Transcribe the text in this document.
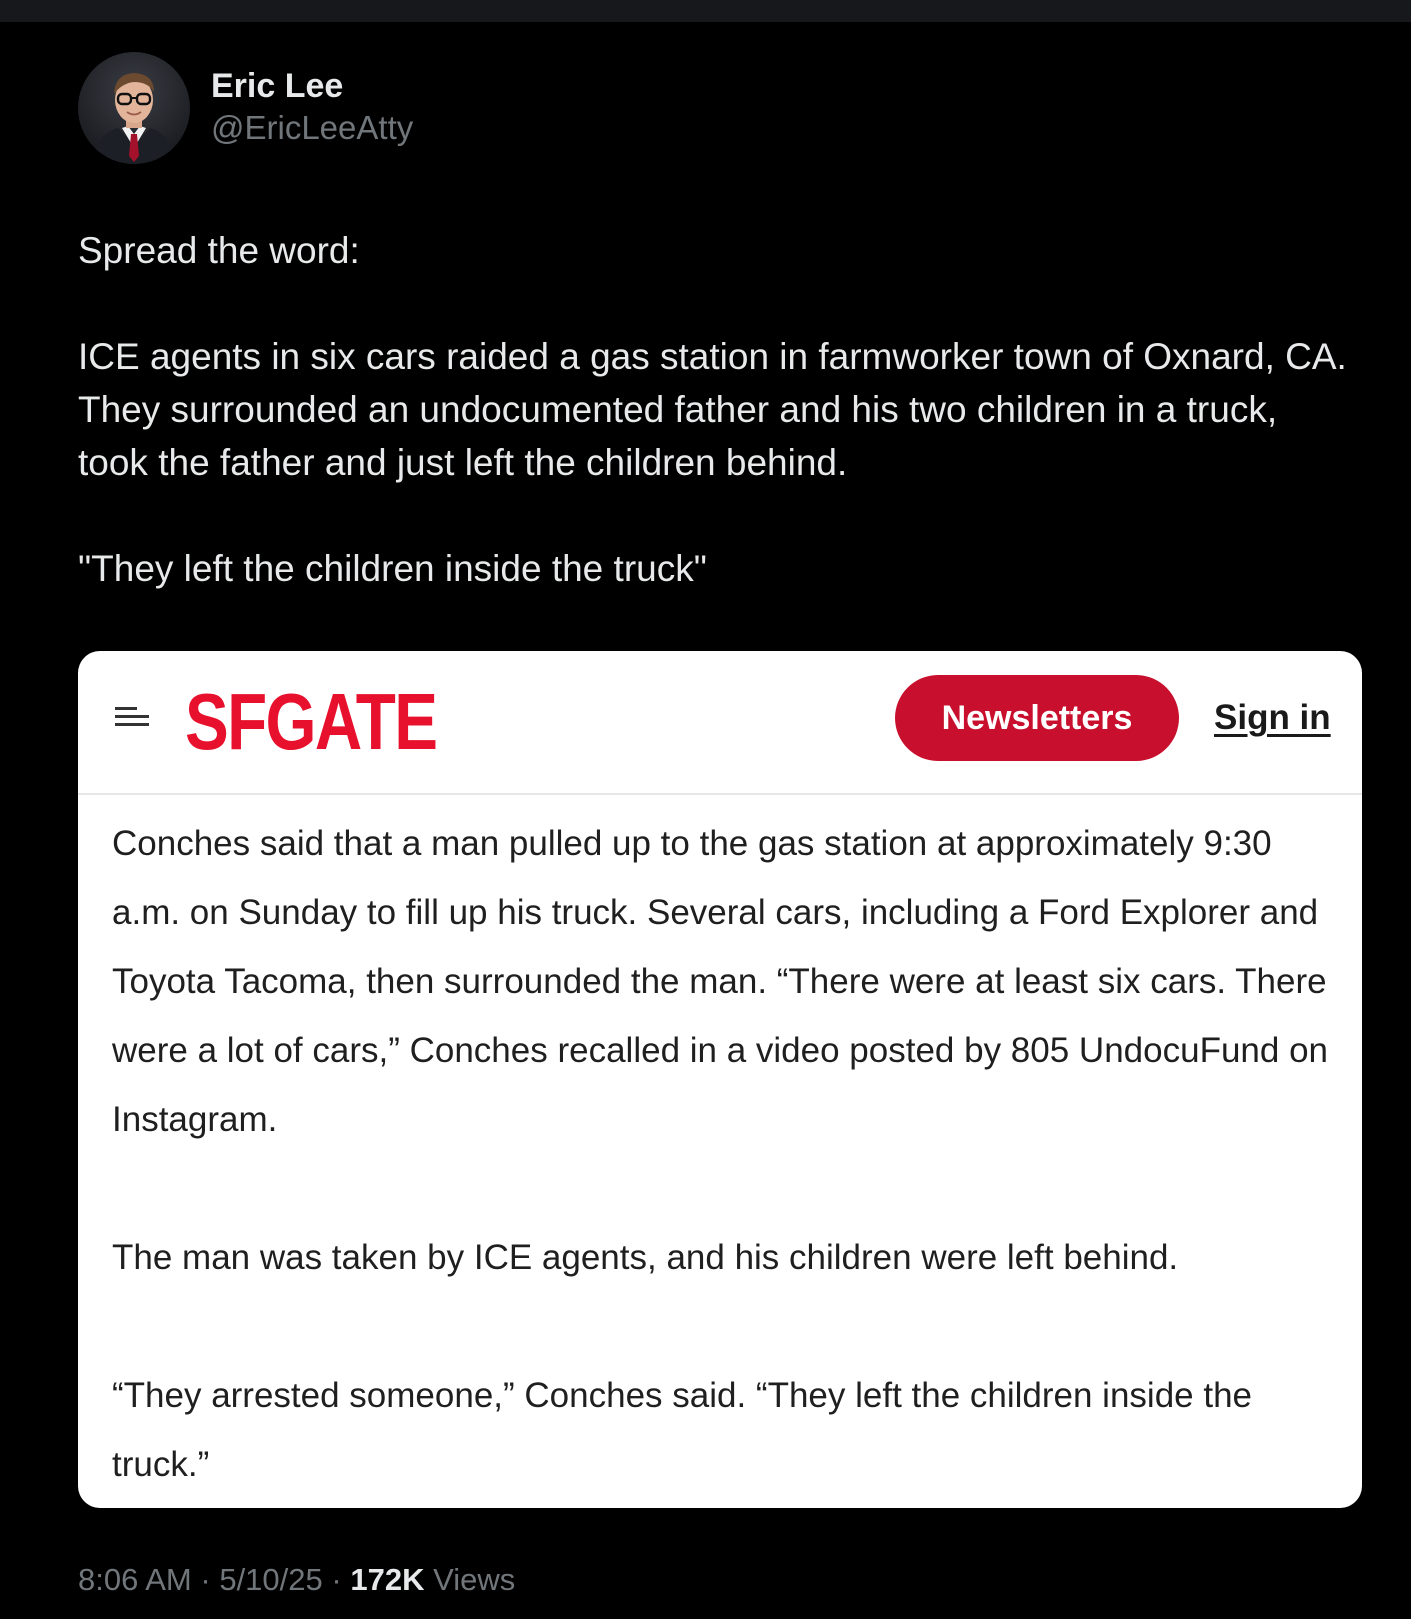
Eric Lee
@EricLeeAtty

Spread the word:

ICE agents in six cars raided a gas station in farmworker town of Oxnard, CA. They surrounded an undocumented father and his two children in a truck, took the father and just left the children behind.

"They left the children inside the truck"

SFGATE	Newsletters	Sign in

Conches said that a man pulled up to the gas station at approximately 9:30 a.m. on Sunday to fill up his truck. Several cars, including a Ford Explorer and Toyota Tacoma, then surrounded the man. “There were at least six cars. There were a lot of cars,” Conches recalled in a video posted by 805 UndocuFund on Instagram.

The man was taken by ICE agents, and his children were left behind.

“They arrested someone,” Conches said. “They left the children inside the truck.”

8:06 AM · 5/10/25 · 172K Views
